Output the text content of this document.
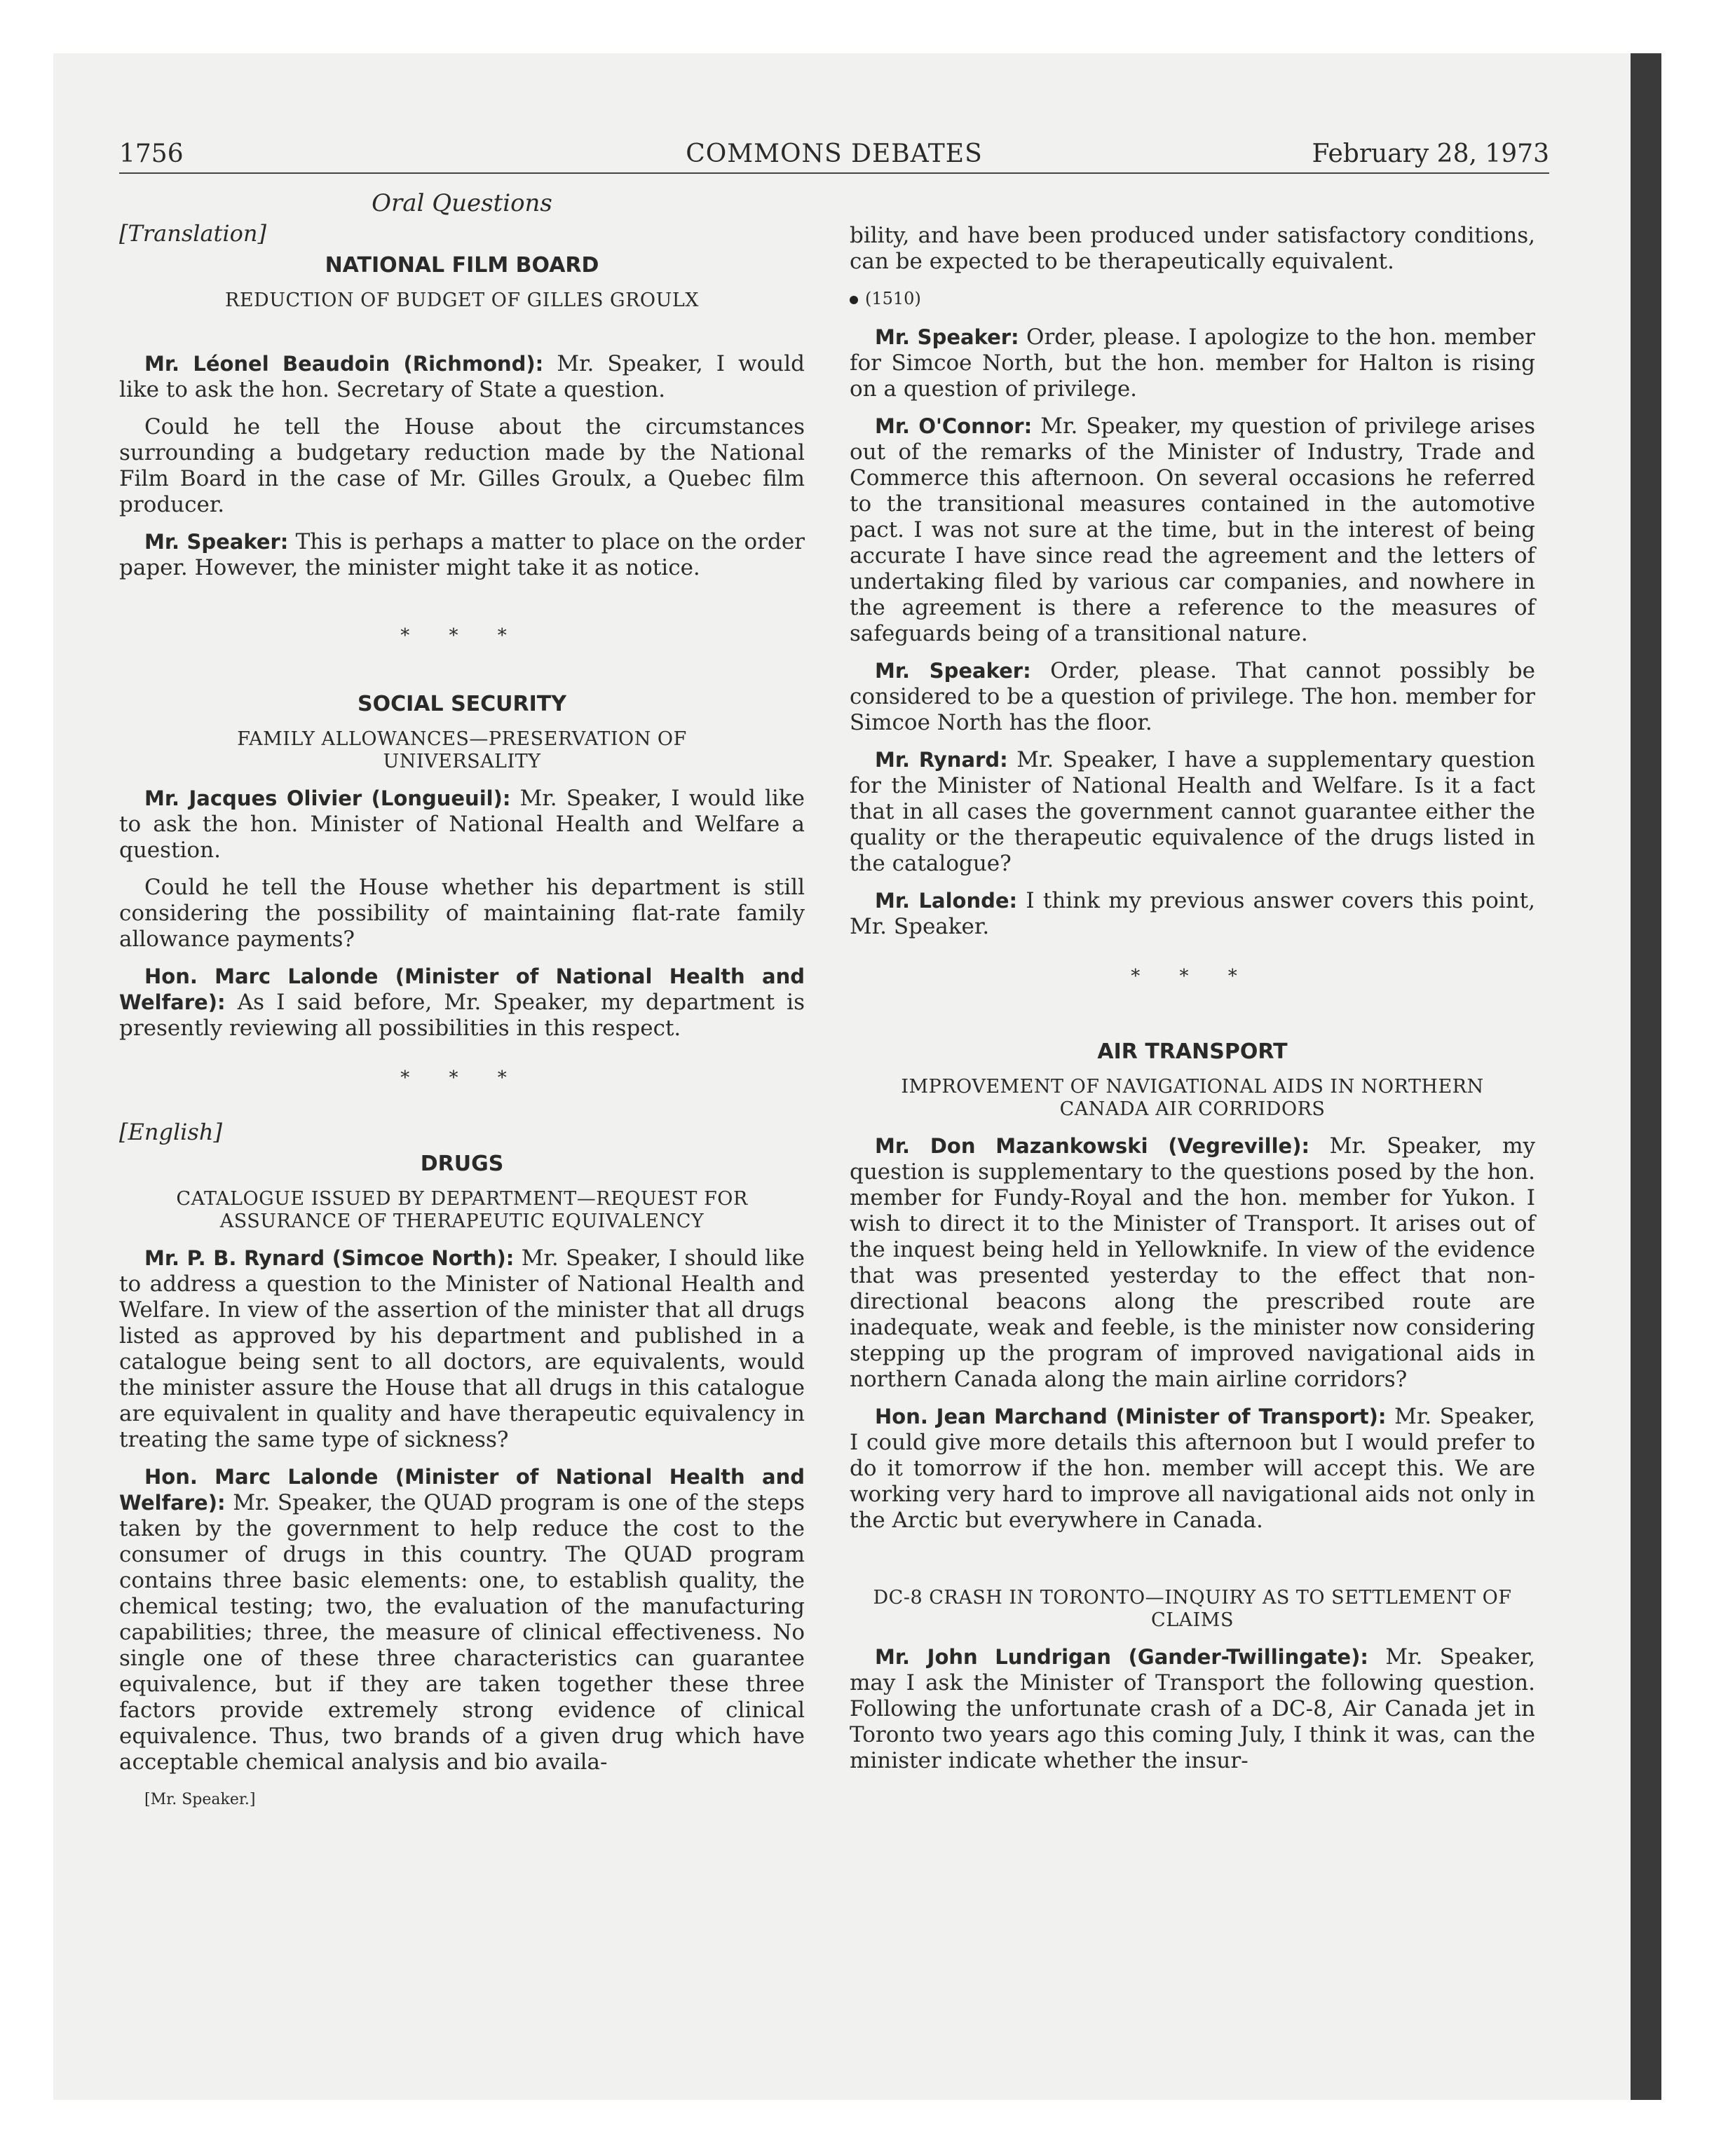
1756	COMMONS DEBATES	February 28, 1973
Oral Questions
[Translation]
NATIONAL FILM BOARD
REDUCTION OF BUDGET OF GILLES GROULX

Mr. Léonel Beaudoin (Richmond): Mr. Speaker, I would like to ask the hon. Secretary of State a question.

Could he tell the House about the circumstances surrounding a budgetary reduction made by the National Film Board in the case of Mr. Gilles Groulx, a Quebec film producer.

Mr. Speaker: This is perhaps a matter to place on the order paper. However, the minister might take it as notice.

* * *
SOCIAL SECURITY
FAMILY ALLOWANCES—PRESERVATION OF UNIVERSALITY

Mr. Jacques Olivier (Longueuil): Mr. Speaker, I would like to ask the hon. Minister of National Health and Welfare a question.

Could he tell the House whether his department is still considering the possibility of maintaining flat-rate family allowance payments?

Hon. Marc Lalonde (Minister of National Health and Welfare): As I said before, Mr. Speaker, my department is presently reviewing all possibilities in this respect.

* * *
[English]
DRUGS
CATALOGUE ISSUED BY DEPARTMENT—REQUEST FOR ASSURANCE OF THERAPEUTIC EQUIVALENCY

Mr. P. B. Rynard (Simcoe North): Mr. Speaker, I should like to address a question to the Minister of National Health and Welfare. In view of the assertion of the minister that all drugs listed as approved by his department and published in a catalogue being sent to all doctors, are equivalents, would the minister assure the House that all drugs in this catalogue are equivalent in quality and have therapeutic equivalency in treating the same type of sickness?

Hon. Marc Lalonde (Minister of National Health and Welfare): Mr. Speaker, the QUAD program is one of the steps taken by the government to help reduce the cost to the consumer of drugs in this country. The QUAD program contains three basic elements: one, to establish quality, the chemical testing; two, the evaluation of the manufacturing capabilities; three, the measure of clinical effectiveness. No single one of these three characteristics can guarantee equivalence, but if they are taken together these three factors provide extremely strong evidence of clinical equivalence. Thus, two brands of a given drug which have acceptable chemical analysis and bio availa-

[Mr. Speaker.]

bility, and have been produced under satisfactory conditions, can be expected to be therapeutically equivalent.

(1510)

Mr. Speaker: Order, please. I apologize to the hon. member for Simcoe North, but the hon. member for Halton is rising on a question of privilege.

Mr. O'Connor: Mr. Speaker, my question of privilege arises out of the remarks of the Minister of Industry, Trade and Commerce this afternoon. On several occasions he referred to the transitional measures contained in the automotive pact. I was not sure at the time, but in the interest of being accurate I have since read the agreement and the letters of undertaking filed by various car companies, and nowhere in the agreement is there a reference to the measures of safeguards being of a transitional nature.

Mr. Speaker: Order, please. That cannot possibly be considered to be a question of privilege. The hon. member for Simcoe North has the floor.

Mr. Rynard: Mr. Speaker, I have a supplementary question for the Minister of National Health and Welfare. Is it a fact that in all cases the government cannot guarantee either the quality or the therapeutic equivalence of the drugs listed in the catalogue?

Mr. Lalonde: I think my previous answer covers this point, Mr. Speaker.

* * *
AIR TRANSPORT
IMPROVEMENT OF NAVIGATIONAL AIDS IN NORTHERN CANADA AIR CORRIDORS

Mr. Don Mazankowski (Vegreville): Mr. Speaker, my question is supplementary to the questions posed by the hon. member for Fundy-Royal and the hon. member for Yukon. I wish to direct it to the Minister of Transport. It arises out of the inquest being held in Yellowknife. In view of the evidence that was presented yesterday to the effect that non-directional beacons along the prescribed route are inadequate, weak and feeble, is the minister now considering stepping up the program of improved navigational aids in northern Canada along the main airline corridors?

Hon. Jean Marchand (Minister of Transport): Mr. Speaker, I could give more details this afternoon but I would prefer to do it tomorrow if the hon. member will accept this. We are working very hard to improve all navigational aids not only in the Arctic but everywhere in Canada.

DC-8 CRASH IN TORONTO—INQUIRY AS TO SETTLEMENT OF CLAIMS

Mr. John Lundrigan (Gander-Twillingate): Mr. Speaker, may I ask the Minister of Transport the following question. Following the unfortunate crash of a DC-8, Air Canada jet in Toronto two years ago this coming July, I think it was, can the minister indicate whether the insur-
